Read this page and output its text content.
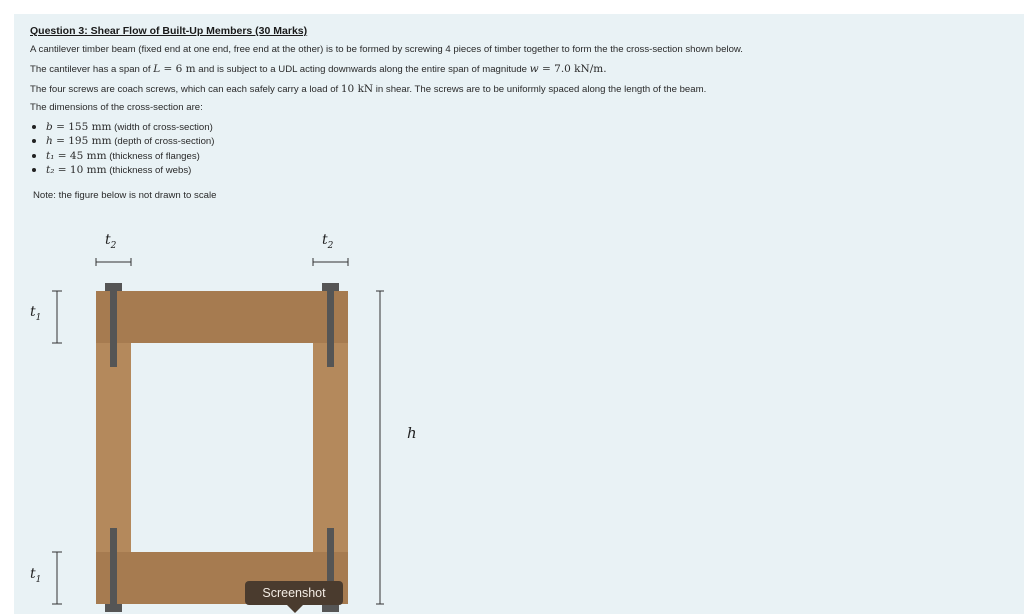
Question 3: Shear Flow of Built-Up Members (30 Marks)
A cantilever timber beam (fixed end at one end, free end at the other) is to be formed by screwing 4 pieces of timber together to form the the cross-section shown below.
The cantilever has a span of L = 6 m and is subject to a UDL acting downwards along the entire span of magnitude w = 7.0 kN/m.
The four screws are coach screws, which can each safely carry a load of 10 kN in shear. The screws are to be uniformly spaced along the length of the beam.
The dimensions of the cross-section are:
b = 155 mm (width of cross-section)
h = 195 mm (depth of cross-section)
t₁ = 45 mm (thickness of flanges)
t₂ = 10 mm (thickness of webs)
Note: the figure below is not drawn to scale
$t_2$	$t_2$
$t_1$
$t_1$
h
Screenshot
